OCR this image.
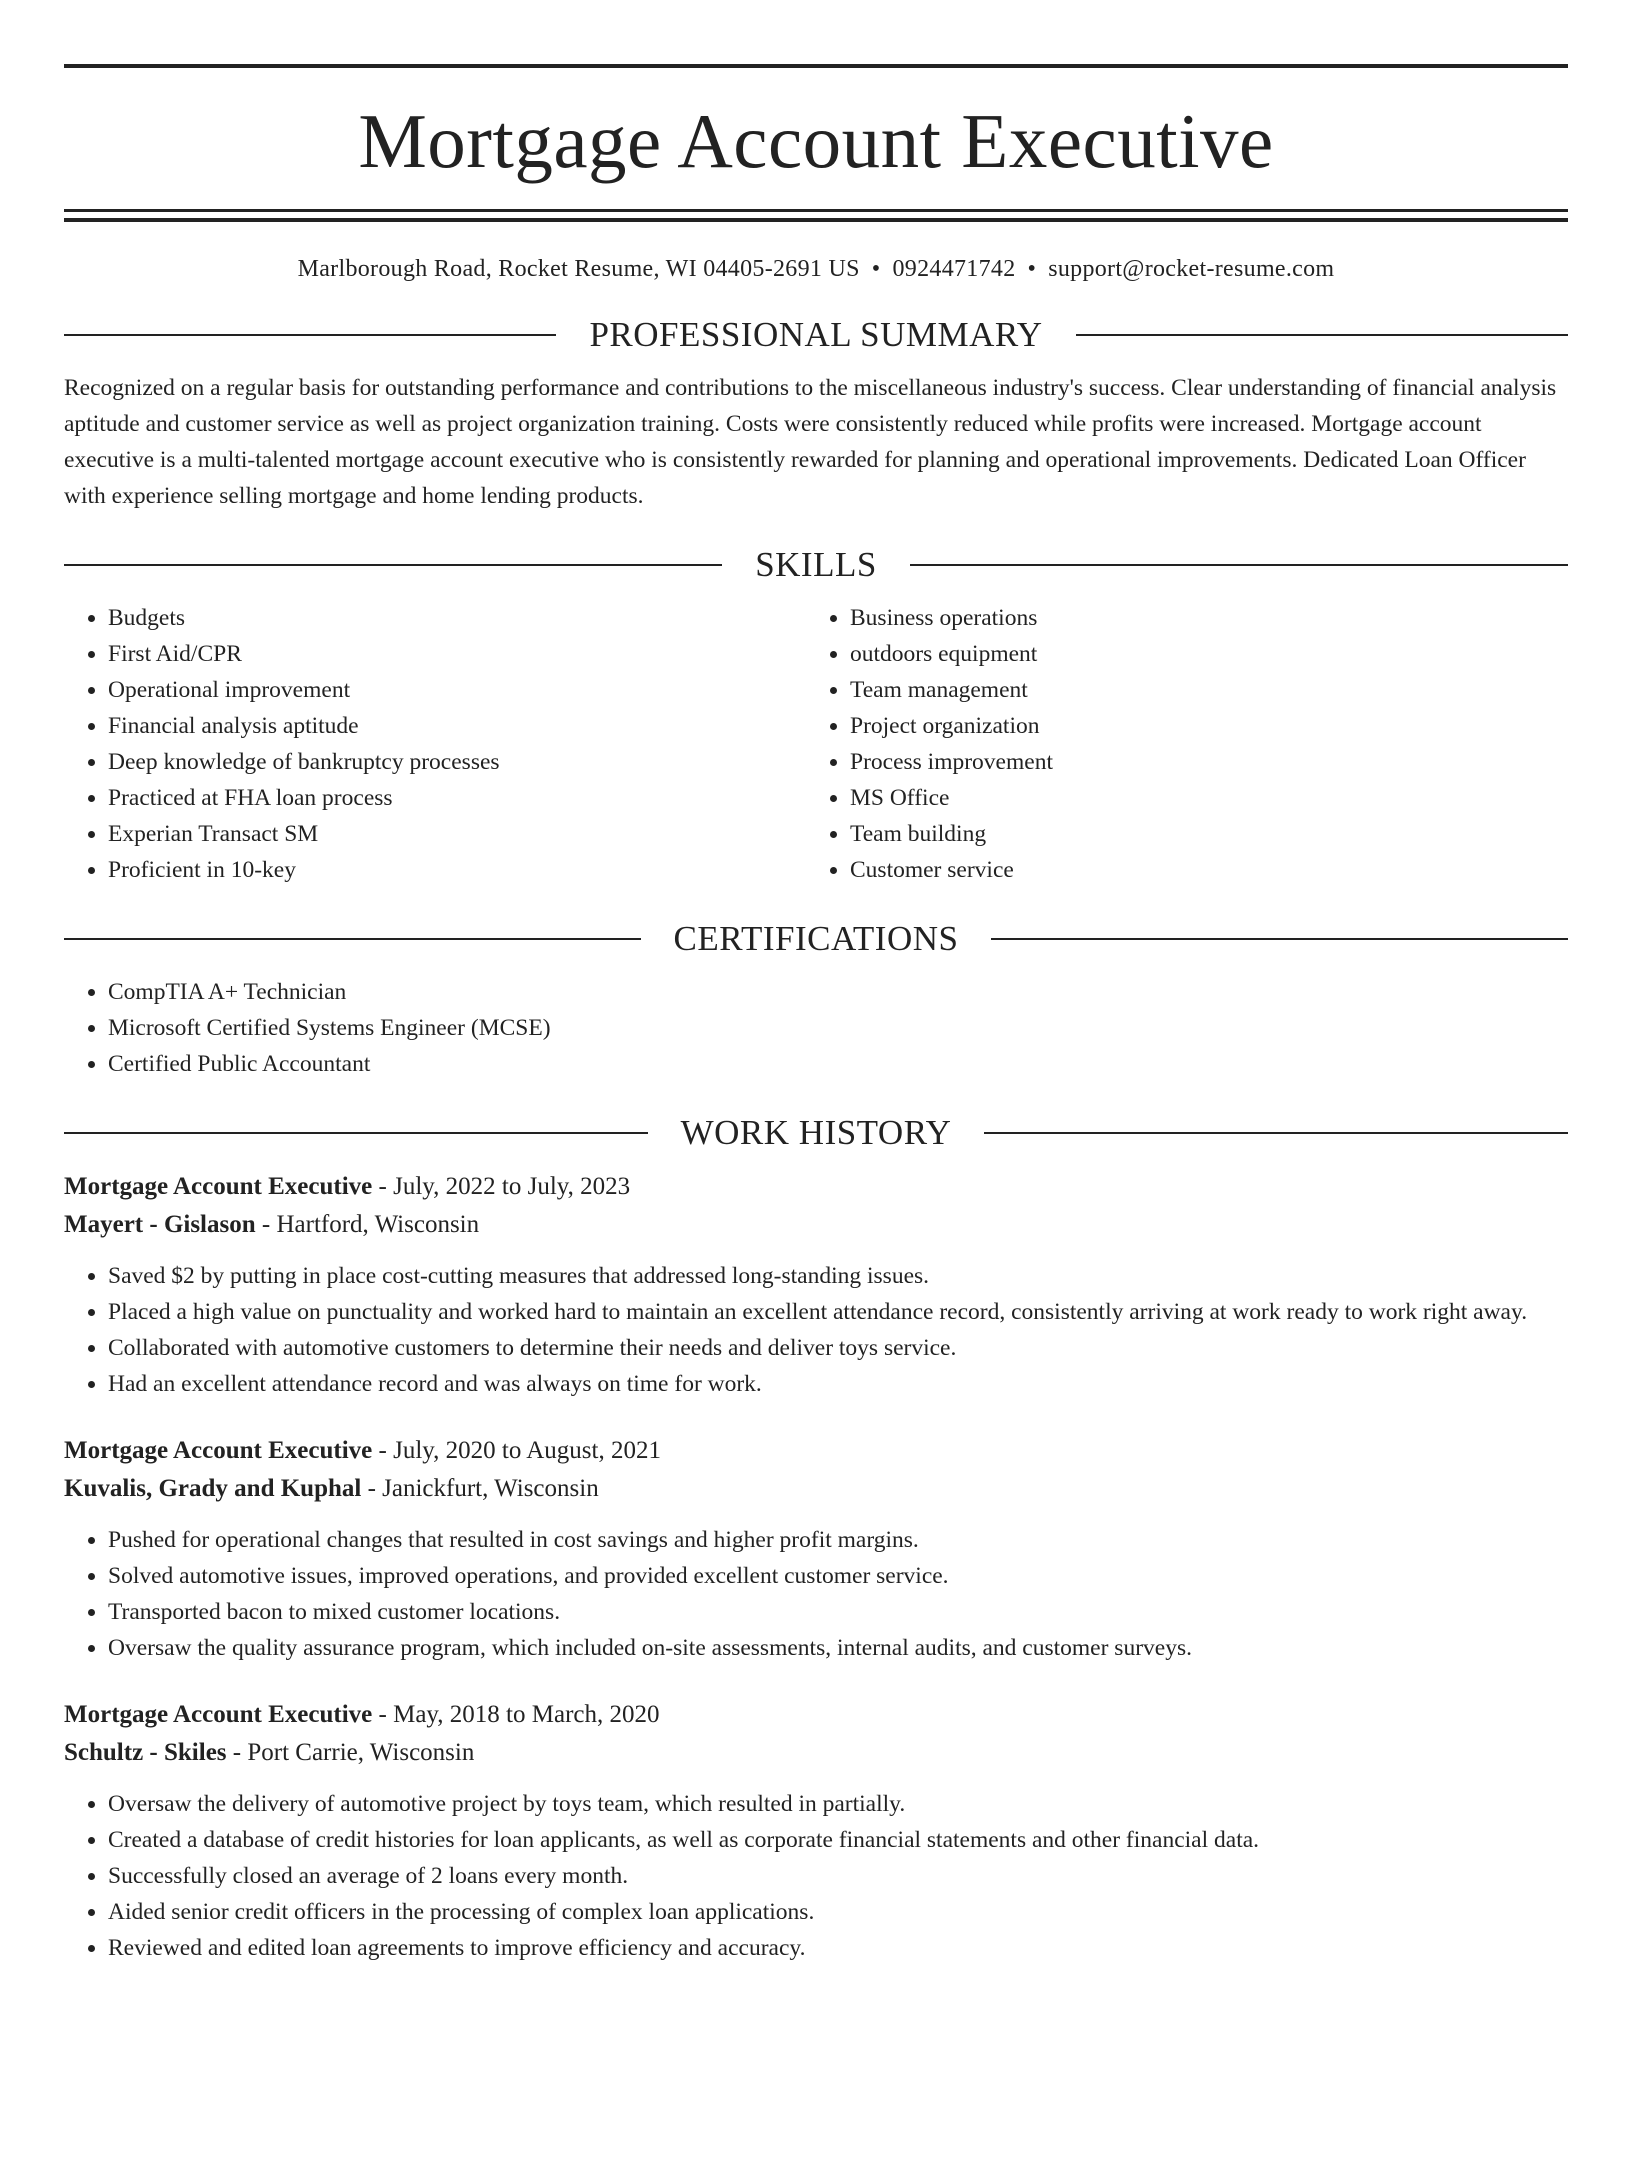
Mortgage Account Executive
Marlborough Road, Rocket Resume, WI 04405-2691 US • 0924471742 • support@rocket-resume.com
PROFESSIONAL SUMMARY
Recognized on a regular basis for outstanding performance and contributions to the miscellaneous industry's success. Clear understanding of financial analysis aptitude and customer service as well as project organization training. Costs were consistently reduced while profits were increased. Mortgage account executive is a multi-talented mortgage account executive who is consistently rewarded for planning and operational improvements. Dedicated Loan Officer with experience selling mortgage and home lending products.
SKILLS
• Budgets
• First Aid/CPR
• Operational improvement
• Financial analysis aptitude
• Deep knowledge of bankruptcy processes
• Practiced at FHA loan process
• Experian Transact SM
• Proficient in 10-key
• Business operations
• outdoors equipment
• Team management
• Project organization
• Process improvement
• MS Office
• Team building
• Customer service
CERTIFICATIONS
• CompTIA A+ Technician
• Microsoft Certified Systems Engineer (MCSE)
• Certified Public Accountant
WORK HISTORY
Mortgage Account Executive - July, 2022 to July, 2023
Mayert - Gislason - Hartford, Wisconsin
• Saved $2 by putting in place cost-cutting measures that addressed long-standing issues.
• Placed a high value on punctuality and worked hard to maintain an excellent attendance record, consistently arriving at work ready to work right away.
• Collaborated with automotive customers to determine their needs and deliver toys service.
• Had an excellent attendance record and was always on time for work.
Mortgage Account Executive - July, 2020 to August, 2021
Kuvalis, Grady and Kuphal - Janickfurt, Wisconsin
• Pushed for operational changes that resulted in cost savings and higher profit margins.
• Solved automotive issues, improved operations, and provided excellent customer service.
• Transported bacon to mixed customer locations.
• Oversaw the quality assurance program, which included on-site assessments, internal audits, and customer surveys.
Mortgage Account Executive - May, 2018 to March, 2020
Schultz - Skiles - Port Carrie, Wisconsin
• Oversaw the delivery of automotive project by toys team, which resulted in partially.
• Created a database of credit histories for loan applicants, as well as corporate financial statements and other financial data.
• Successfully closed an average of 2 loans every month.
• Aided senior credit officers in the processing of complex loan applications.
• Reviewed and edited loan agreements to improve efficiency and accuracy.
